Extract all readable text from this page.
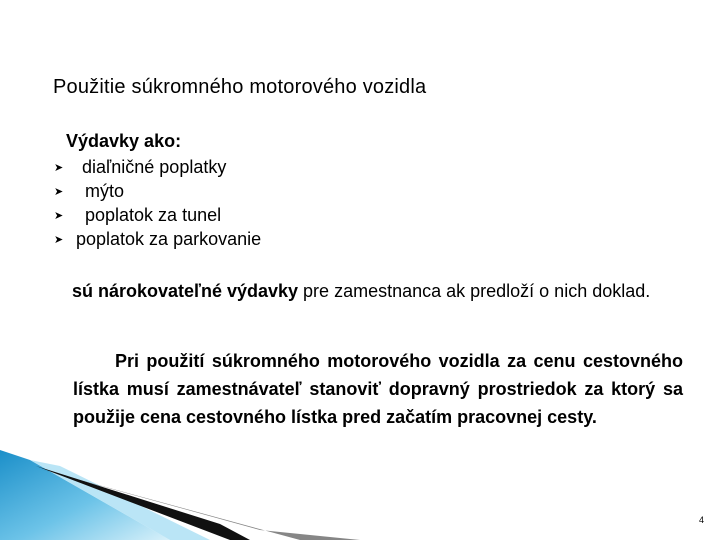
Použitie súkromného motorového vozidla
Výdavky ako:
➤ diaľničné poplatky
➤ mýto
➤ poplatok za tunel
➤ poplatok za parkovanie
sú nárokovateľné výdavky pre zamestnanca ak predloží o nich doklad.
Pri použití súkromného motorového vozidla za cenu cestovného lístka musí zamestnávateľ stanoviť dopravný prostriedok za ktorý sa použije cena cestovného lístka pred začatím pracovnej cesty.
4
